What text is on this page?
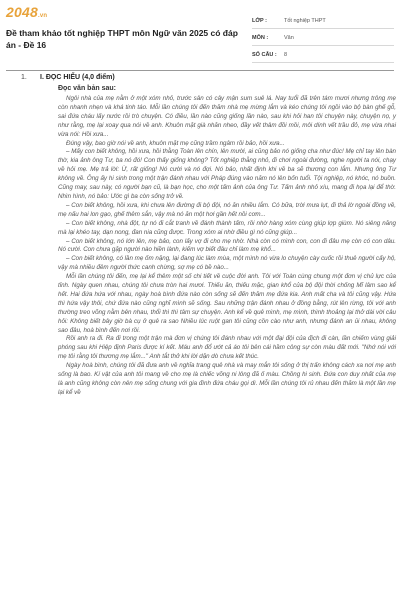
2048.vn
Đề tham khảo tốt nghiệp THPT môn Ngữ văn 2025 có đáp án - Đề 16
LỚP :	Tốt nghiệp THPT
MÔN :	Văn
SỐ CÂU :	8
1. I. ĐỌC HIỂU (4,0 điểm)
Đọc văn bản sau:

Ngôi nhà của mẹ nằm ở một xóm nhỏ, trước sân có cây mận sum suê lá. Nay tuổi đã trên tám mươi nhưng trông mẹ còn nhanh nhẹn và khá tinh táo. Mỗi lần chúng tôi đến thăm nhà mẹ mừng lắm và kéo chúng tôi ngồi vào bộ bàn ghế gỗ, sai đứa cháu lấy nước rồi trò chuyện. Có điều, lần nào cũng giống lần nào, sau khi hỏi han tôi chuyện này, chuyện nọ, y như rằng, mẹ lại xoay qua nói về anh. Khuôn mặt già nhăn nheo, đầy vết thâm đồi mồi, môi dính vết trầu đỏ, mẹ vừa nhai vừa nói: Hồi xưa...

Đúng vậy, bao giờ nói về anh, khuôn mặt mẹ cũng trầm ngâm rồi bảo, hồi xưa...

– Mấy con biết không, hồi xưa, hồi thằng Toàn lên chín, lên mười, ai cũng bảo nó giống cha như đúc! Mẹ chỉ tay lên bàn thờ, kia ảnh ông Tư, ba nó đó! Con thấy giống không? Tốt nghiệp thằng nhỏ, đi chơi ngoài đường, nghe người ta nói, chạy về hỏi mẹ. Mẹ trả lời: Ừ, rất giống! Nó cười và nó đợi. Nó bảo, nhất định khi về ba sẽ thương con lắm. Nhưng ông Tư không về. Ông ấy hi sinh trong một trận đánh nhau với Pháp đúng vào năm nó lên bốn tuổi. Tội nghiệp, nó khóc, nó buồn. Cũng may, sau này, có người bạn cũ, là bạn học, cho một tấm ảnh của ông Tư. Tấm ảnh nhỏ xíu, mang đi họa lại để thờ. Nhìn hình, nó bảo: Ước gì ba còn sống trở về.

– Con biết không, hồi xưa, khi chưa lên đường đi bộ đội, nó ăn nhiều lắm. Có bữa, trời mưa lụt, đi thả lờ ngoài đồng về, mẹ nấu hai lon gạo, ghế thêm sắn, vậy mà nó ăn một hơi gần hết nồi cơm...

– Con biết không, nhà đột, tự nó đi cắt tranh về đánh thành tấm, rồi nhờ hàng xóm cùng giúp lợp giùm. Nó siêng năng mà lại khéo tay, dạn nong, đan nia cũng được. Trong xóm ai nhờ điều gì nó cũng giúp...

– Con biết không, nó lớn lên, mẹ bảo, con lấy vợ đi cho mẹ nhờ. Nhà còn có mình con, con đi đâu mẹ còn có con dâu. Nó cười. Con chưa gặp người nào hiền lành, kiếm vợ biết đâu chỉ làm mẹ khổ...

– Con biết không, có lần mẹ ốm nặng, lại đang lúc làm mùa, một mình nó vừa lo chuyện cày cuốc rồi thuê người cấy hộ, vậy mà nhiều đêm người thức canh chừng, sợ mẹ có bề nào...

Mỗi lần chúng tôi đến, mẹ lại kể thêm một số chi tiết về cuộc đời anh. Tôi với Toàn cùng chung một đơn vị chủ lực của tỉnh. Ngày quen nhau, chúng tôi chưa tròn hai mươi. Thiếu ăn, thiếu mặc, gian khổ của bộ đội thời chống Mĩ lâm sao kể hết. Hai đứa hứa với nhau, ngày hoà bình đứa nào còn sống sẽ đến thăm mẹ đứa kia. Anh mất cha và tôi cũng vậy. Hứa thì hứa vậy thôi, chứ đứa nào cũng nghĩ mình sẽ sống. Sau những trận đánh nhau ở đồng bằng, rút lên rừng, tôi với anh thường treo võng nằm bên nhau, thổi thì thì tâm sự chuyện. Anh kể về quê mình, mẹ mình, thình thoảng lại thở dài vời câu hỏi: Không biết bây giờ bà cụ ở quê ra sao Nhiều lúc ruột gan tôi cũng cồn cào như anh, nhưng đánh an ủi nhau, không sao đâu, hoà bình đến nơi rồi.

Rồi anh ra đi. Ra đi trong một trận mà đơn vị chúng tôi đánh nhau với một đại đội của địch đi càn, lần chiếm vùng giải phóng sau khi Hiệp định Paris được kí kết. Máu anh đổ ướt cả áo tôi bên cái hầm công sự còn màu đất mới. "Nhớ nói với mẹ tôi rằng tôi thương mẹ lắm..." Anh tắt thở khi lời dặn dò chưa kết thúc.

Ngày hoà bình, chúng tôi đã đưa anh về nghĩa trang quê nhà và may mắn tôi sống ở thị trấn không cách xa nơi mẹ anh sống là bao. Kí vật của anh tôi mang về cho mẹ là chiếc võng ni lông đã ố màu. Chồng hi sinh. Đứa con duy nhất của mẹ là anh cũng không còn nên mẹ sống chung với gia đình đứa cháu gọi dì. Mỗi lần chúng tôi rủ nhau đến thăm là một lần mẹ lại kể về
